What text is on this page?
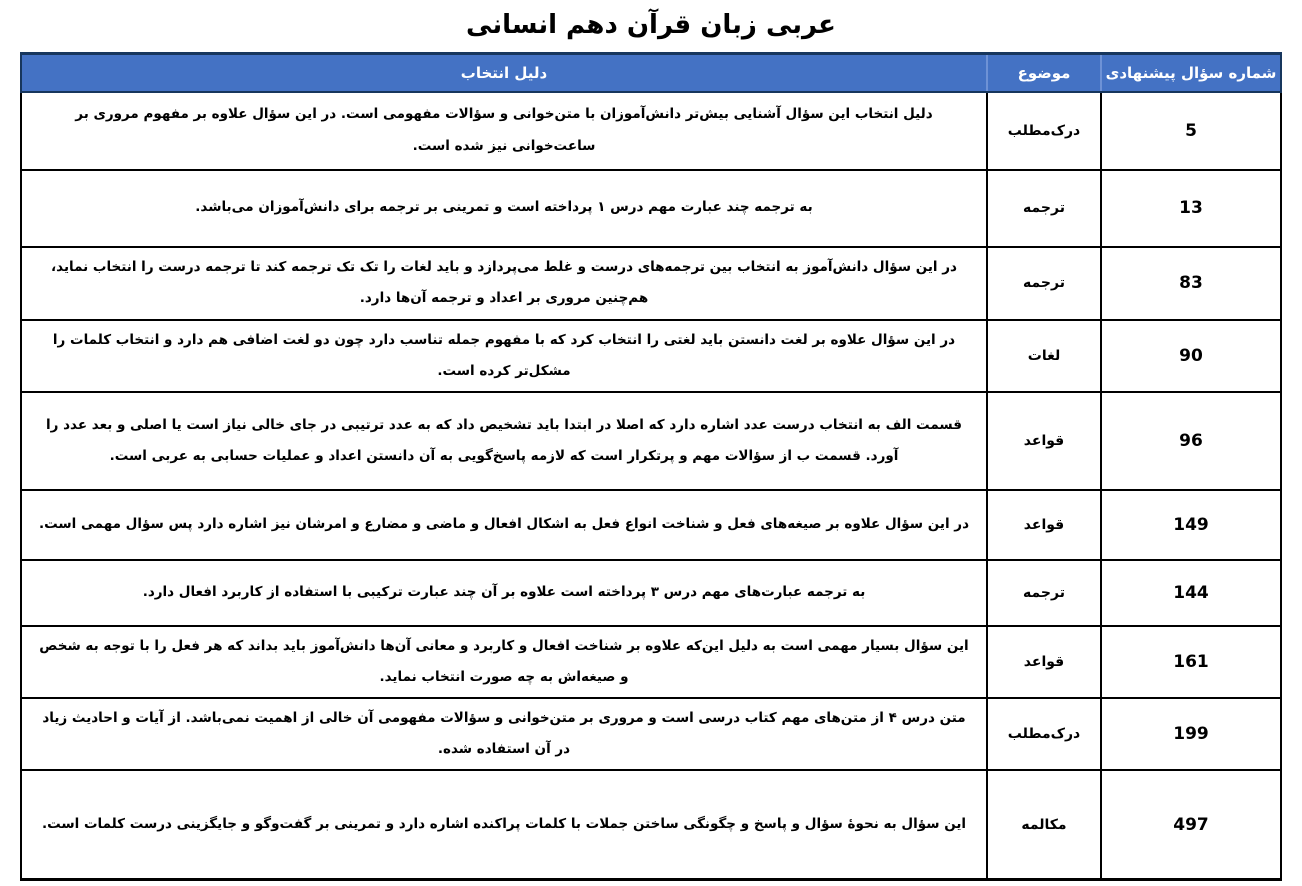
عربی زبان قرآن دهم انسانی
شماره سؤال پیشنهادی	موضوع	دلیل انتخاب
5	درک‌مطلب	دلیل انتخاب این سؤال آشنایی بیش‌تر دانش‌آموزان با متن‌خوانی و سؤالات مفهومی است. در این سؤال علاوه بر مفهوم مروری بر ساعت‌خوانی نیز شده است.
13	ترجمه	به ترجمه چند عبارت مهم درس ۱ پرداخته است و تمرینی بر ترجمه برای دانش‌آموزان می‌باشد.
83	ترجمه	در این سؤال دانش‌آموز به انتخاب بین ترجمه‌های درست و غلط می‌پردازد و باید لغات را تک تک ترجمه کند تا ترجمه درست را انتخاب نماید، هم‌چنین مروری بر اعداد و ترجمه آن‌ها دارد.
90	لغات	در این سؤال علاوه بر لغت دانستن باید لغتی را انتخاب کرد که با مفهوم جمله تناسب دارد چون دو لغت اضافی هم دارد و انتخاب کلمات را مشکل‌تر کرده است.
96	قواعد	قسمت الف به انتخاب درست عدد اشاره دارد که اصلا در ابتدا باید تشخیص داد که به عدد ترتیبی در جای خالی نیاز است یا اصلی و بعد عدد را آورد. قسمت ب از سؤالات مهم و پرتکرار است که لازمه پاسخ‌گویی به آن دانستن اعداد و عملیات حسابی به عربی است.
149	قواعد	در این سؤال علاوه بر صیغه‌های فعل و شناخت انواع فعل به اشکال افعال و ماضی و مضارع و امرشان نیز اشاره دارد پس سؤال مهمی است.
144	ترجمه	به ترجمه عبارت‌های مهم درس ۳ پرداخته است علاوه بر آن چند عبارت ترکیبی با استفاده از کاربرد افعال دارد.
161	قواعد	این سؤال بسیار مهمی است به دلیل این‌که علاوه بر شناخت افعال و کاربرد و معانی آن‌ها دانش‌آموز باید بداند که هر فعل را با توجه به شخص و صیغه‌اش به چه صورت انتخاب نماید.
199	درک‌مطلب	متن درس ۴ از متن‌های مهم کتاب درسی است و مروری بر متن‌خوانی و سؤالات مفهومی آن خالی از اهمیت نمی‌باشد. از آیات و احادیث زیاد در آن استفاده شده.
497	مکالمه	این سؤال به نحوهٔ سؤال و پاسخ و چگونگی ساختن جملات با کلمات پراکنده اشاره دارد و تمرینی بر گفت‌وگو و جایگزینی درست کلمات است.
